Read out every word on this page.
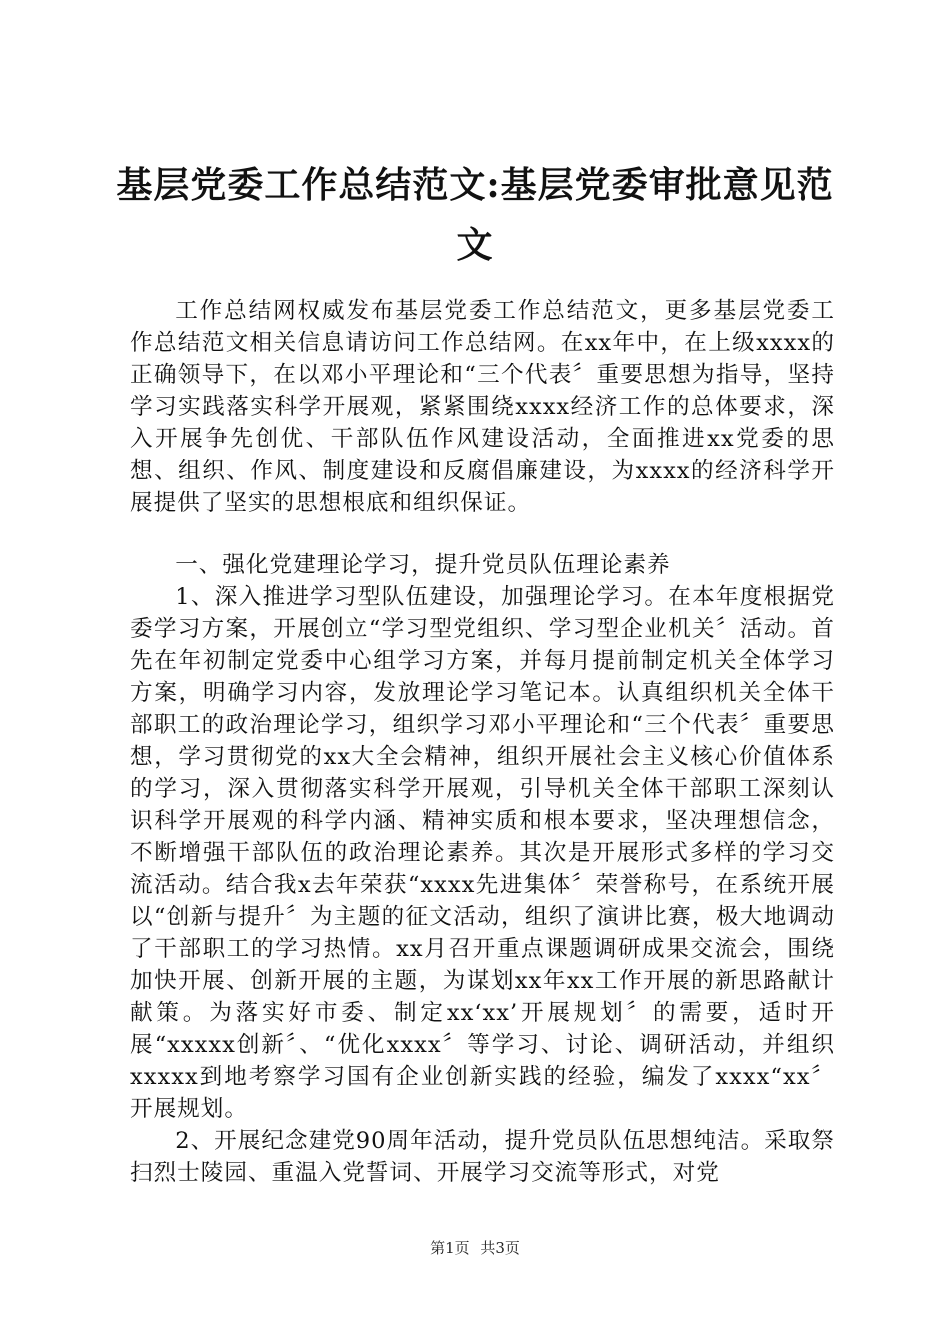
基层党委工作总结范文:基层党委审批意见范文

工作总结网权威发布基层党委工作总结范文，更多基层党委工作总结范文相关信息请访问工作总结网。在xx年中，在上级xxxx的正确领导下，在以邓小平理论和“三个代表〞重要思想为指导，坚持学习实践落实科学开展观，紧紧围绕xxxx经济工作的总体要求，深入开展争先创优、干部队伍作风建设活动，全面推进xx党委的思想、组织、作风、制度建设和反腐倡廉建设，为xxxx的经济科学开展提供了坚实的思想根底和组织保证。

一、强化党建理论学习，提升党员队伍理论素养

1、深入推进学习型队伍建设，加强理论学习。在本年度根据党委学习方案，开展创立“学习型党组织、学习型企业机关〞活动。首先在年初制定党委中心组学习方案，并每月提前制定机关全体学习方案，明确学习内容，发放理论学习笔记本。认真组织机关全体干部职工的政治理论学习，组织学习邓小平理论和“三个代表〞重要思想，学习贯彻党的xx大全会精神，组织开展社会主义核心价值体系的学习，深入贯彻落实科学开展观，引导机关全体干部职工深刻认识科学开展观的科学内涵、精神实质和根本要求，坚决理想信念，不断增强干部队伍的政治理论素养。其次是开展形式多样的学习交流活动。结合我x去年荣获“xxxx先进集体〞荣誉称号，在系统开展以“创新与提升〞为主题的征文活动，组织了演讲比赛，极大地调动了干部职工的学习热情。xx月召开重点课题调研成果交流会，围绕加快开展、创新开展的主题，为谋划xx年xx工作开展的新思路献计献策。为落实好市委、制定xx‘xx’开展规划〞的需要，适时开展“xxxxx创新〞、“优化xxxx〞等学习、讨论、调研活动，并组织xxxxx到地考察学习国有企业创新实践的经验，编发了xxxx“xx〞开展规划。

2、开展纪念建党90周年活动，提升党员队伍思想纯洁。采取祭扫烈士陵园、重温入党誓词、开展学习交流等形式，对党

第1页 共3页
